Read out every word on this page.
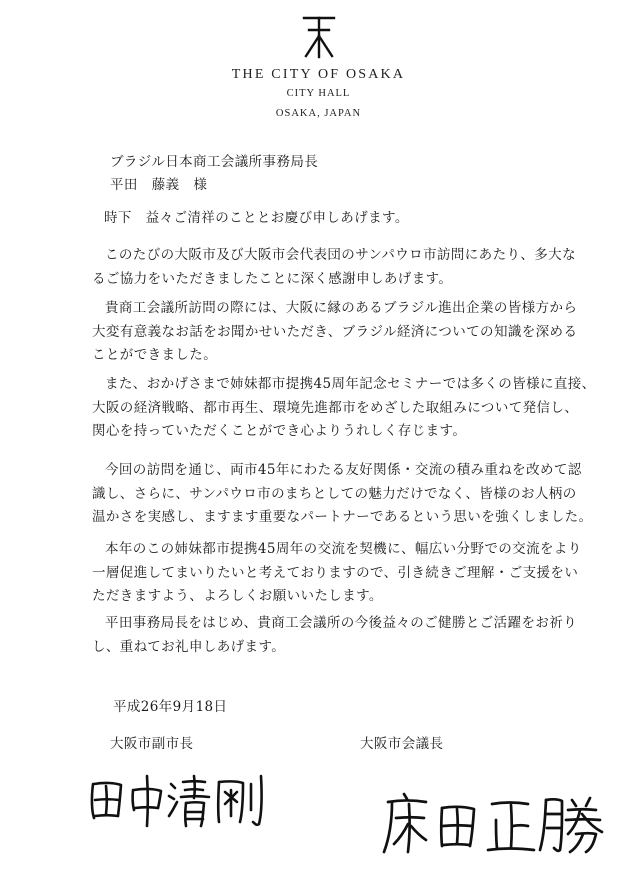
THE CITY OF OSAKA
CITY HALL
OSAKA, JAPAN
ブラジル日本商工会議所事務局長
平田　藤義　様
時下　益々ご清祥のこととお慶び申しあげます。

このたびの大阪市及び大阪市会代表団のサンパウロ市訪問にあたり、多大な
るご協力をいただきましたことに深く感謝申しあげます。

貴商工会議所訪問の際には、大阪に縁のあるブラジル進出企業の皆様方から
大変有意義なお話をお聞かせいただき、ブラジル経済についての知識を深める
ことができました。

また、おかげさまで姉妹都市提携45周年記念セミナーでは多くの皆様に直接、
大阪の経済戦略、都市再生、環境先進都市をめざした取組みについて発信し、
関心を持っていただくことができ心よりうれしく存じます。

今回の訪問を通じ、両市45年にわたる友好関係・交流の積み重ねを改めて認
識し、さらに、サンパウロ市のまちとしての魅力だけでなく、皆様のお人柄の
温かさを実感し、ますます重要なパートナーであるという思いを強くしました。

本年のこの姉妹都市提携45周年の交流を契機に、幅広い分野での交流をより
一層促進してまいりたいと考えておりますので、引き続きご理解・ご支援をい
ただきますよう、よろしくお願いいたします。

平田事務局長をはじめ、貴商工会議所の今後益々のご健勝とご活躍をお祈り
し、重ねてお礼申しあげます。

平成26年9月18日
大阪市副市長	大阪市会議長
